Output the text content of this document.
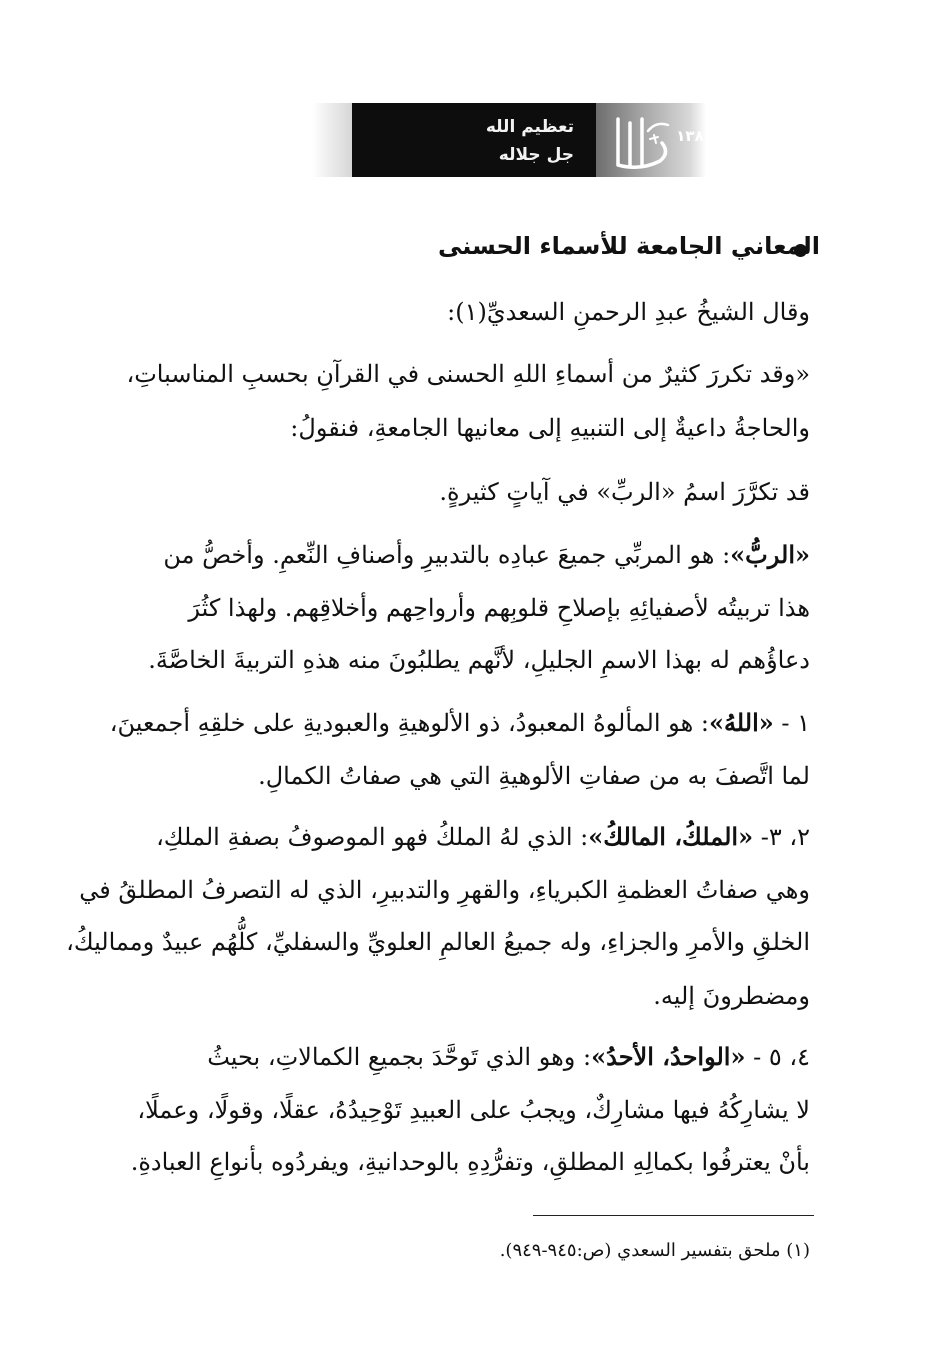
تعظيم الله
جل جلاله
١٣٨
المعاني الجامعة للأسماء الحسنى
وقال الشيخُ عبدِ الرحمنِ السعديِّ(١):
«وقد تكررَ كثيرٌ من أسماءِ اللهِ الحسنى في القرآنِ بحسبِ المناسباتِ،
والحاجةُ داعيةٌ إلى التنبيهِ إلى معانيها الجامعةِ، فنقولُ:
قد تكرَّرَ اسمُ «الربِّ» في آياتٍ كثيرةٍ.
«الربُّ»: هو المربِّي جميعَ عبادِه بالتدبيرِ وأصنافِ النِّعمِ. وأخصُّ من
هذا تربيتُه لأصفيائِهِ بإصلاحِ قلوبِهم وأرواحِهم وأخلاقِهم. ولهذا كثُرَ
دعاؤُهم له بهذا الاسمِ الجليلِ، لأنَّهم يطلبُونَ منه هذهِ التربيةَ الخاصَّةَ.
١ - «اللهُ»: هو المألوهُ المعبودُ، ذو الألوهيةِ والعبوديةِ على خلقِهِ أجمعينَ،
لما اتَّصفَ به من صفاتِ الألوهيةِ التي هي صفاتُ الكمالِ.
٢، ٣- «الملكُ، المالكُ»: الذي لهُ الملكُ فهو الموصوفُ بصفةِ الملكِ،
وهي صفاتُ العظمةِ الكبرياءِ، والقهرِ والتدبيرِ، الذي له التصرفُ المطلقُ في
الخلقِ والأمرِ والجزاءِ، وله جميعُ العالمِ العلويِّ والسفليِّ، كلُّهُم عبيدٌ ومماليكُ،
ومضطرونَ إليه.
٤، ٥ - «الواحدُ، الأحدُ»: وهو الذي تَوحَّدَ بجميعِ الكمالاتِ، بحيثُ
لا يشارِكُهُ فيها مشارِكٌ، ويجبُ على العبيدِ تَوْحِيدُهُ، عقلًا، وقولًا، وعملًا،
بأنْ يعترفُوا بكمالِهِ المطلقِ، وتفرُّدِهِ بالوحدانيةِ، ويفردُوه بأنواعِ العبادةِ.
(١) ملحق بتفسير السعدي (ص:٩٤٥-٩٤٩).
